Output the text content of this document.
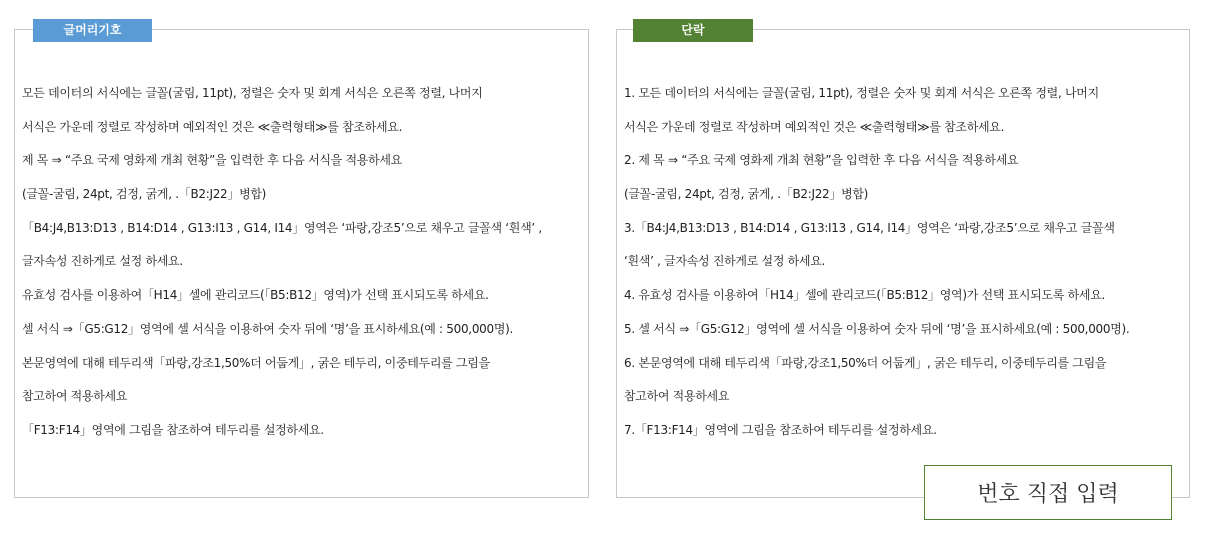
글머리기호
모든 데이터의 서식에는 글꼴(굴림, 11pt), 정렬은 숫자 및 회계 서식은 오른쪽 정렬, 나머지
서식은 가운데 정렬로 작성하며 예외적인 것은 ≪출력형태≫를 참조하세요.
제 목 ⇒ “주요 국제 영화제 개최 현황”을 입력한 후 다음 서식을 적용하세요
(글꼴-굴림, 24pt, 검정, 굵게, .「B2:J22」병합)
「B4:J4,B13:D13 , B14:D14 , G13:I13 , G14, I14」영역은 ‘파랑,강조5’으로 채우고 글꼴색 ‘흰색’ ,
글자속성 진하게로 설정 하세요.
유효성 검사를 이용하여「H14」셀에 관리코드(「B5:B12」영역)가 선택 표시되도록 하세요.
셀 서식 ⇒「G5:G12」영역에 셀 서식을 이용하여 숫자 뒤에 ‘명’을 표시하세요(예 : 500,000명).
본문영역에 대해 테두리색「파랑,강조1,50%더 어둡게」, 굵은 테두리, 이중테두리를 그림을
참고하여 적용하세요
「F13:F14」영역에 그림을 참조하여 테두리를 설정하세요.
단락
1. 모든 데이터의 서식에는 글꼴(굴림, 11pt), 정렬은 숫자 및 회계 서식은 오른쪽 정렬, 나머지
서식은 가운데 정렬로 작성하며 예외적인 것은 ≪출력형태≫를 참조하세요.
2. 제 목 ⇒ “주요 국제 영화제 개최 현황”을 입력한 후 다음 서식을 적용하세요
(글꼴-굴림, 24pt, 검정, 굵게, .「B2:J22」병합)
3.「B4:J4,B13:D13 , B14:D14 , G13:I13 , G14, I14」영역은 ‘파랑,강조5’으로 채우고 글꼴색
‘흰색’ , 글자속성 진하게로 설정 하세요.
4. 유효성 검사를 이용하여「H14」셀에 관리코드(「B5:B12」영역)가 선택 표시되도록 하세요.
5. 셀 서식 ⇒「G5:G12」영역에 셀 서식을 이용하여 숫자 뒤에 ‘명’을 표시하세요(예 : 500,000명).
6. 본문영역에 대해 테두리색「파랑,강조1,50%더 어둡게」, 굵은 테두리, 이중테두리를 그림을
참고하여 적용하세요
7.「F13:F14」영역에 그림을 참조하여 테두리를 설정하세요.
번호 직접 입력
